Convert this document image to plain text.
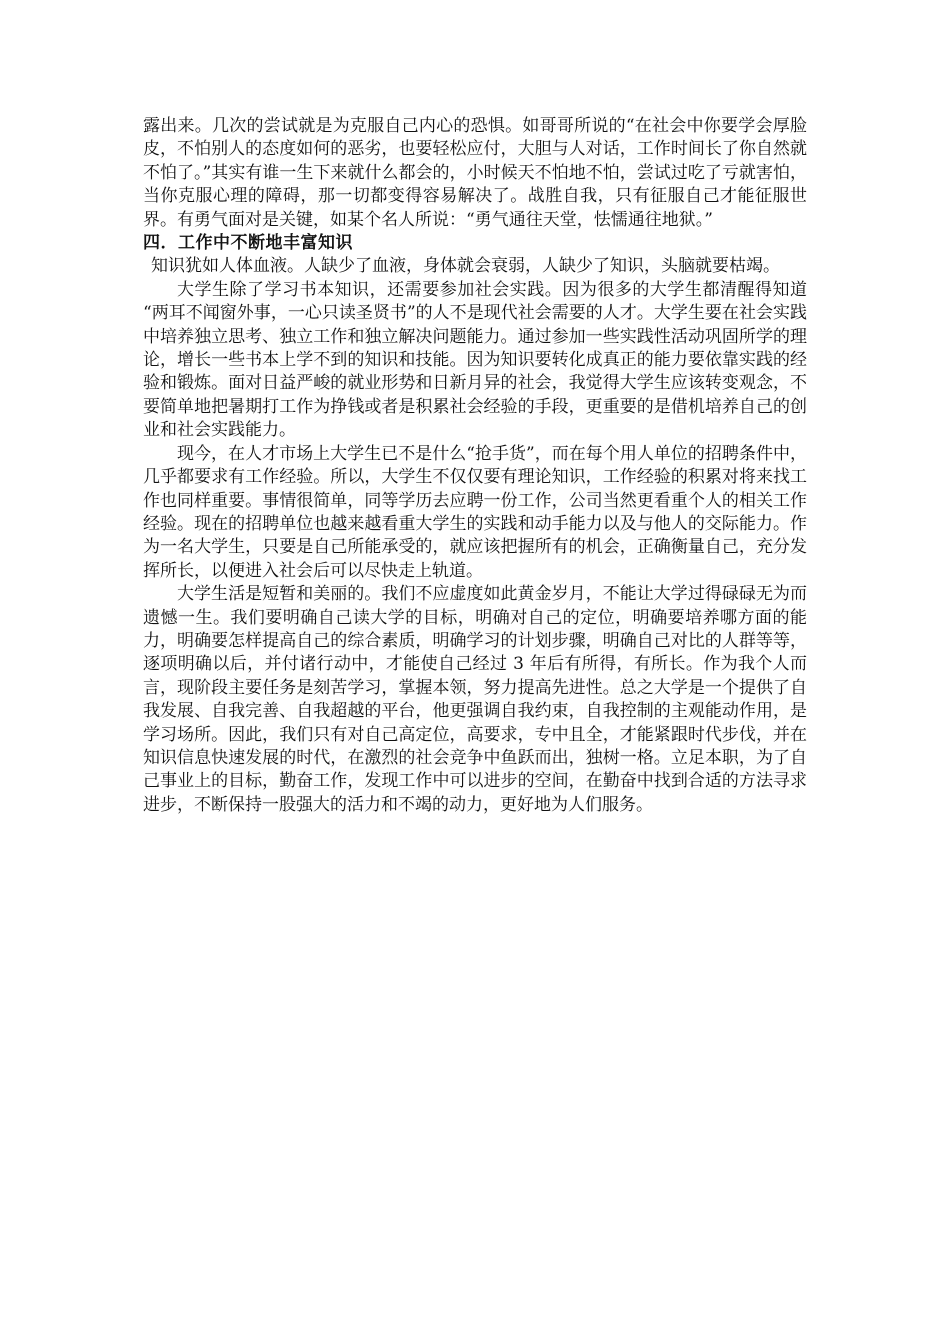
露出来。几次的尝试就是为克服自己内心的恐惧。如哥哥所说的“在社会中你要学会厚脸皮，不怕别人的态度如何的恶劣，也要轻松应付，大胆与人对话，工作时间长了你自然就不怕了。”其实有谁一生下来就什么都会的，小时候天不怕地不怕，尝试过吃了亏就害怕，当你克服心理的障碍，那一切都变得容易解决了。战胜自我，只有征服自己才能征服世界。有勇气面对是关键，如某个名人所说：“勇气通往天堂，怯懦通往地狱。”

四．工作中不断地丰富知识

知识犹如人体血液。人缺少了血液，身体就会衰弱，人缺少了知识，头脑就要枯竭。

大学生除了学习书本知识，还需要参加社会实践。因为很多的大学生都清醒得知道 “两耳不闻窗外事，一心只读圣贤书”的人不是现代社会需要的人才。大学生要在社会实践中培养独立思考、独立工作和独立解决问题能力。通过参加一些实践性活动巩固所学的理论，增长一些书本上学不到的知识和技能。因为知识要转化成真正的能力要依靠实践的经验和锻炼。面对日益严峻的就业形势和日新月异的社会，我觉得大学生应该转变观念，不要简单地把暑期打工作为挣钱或者是积累社会经验的手段，更重要的是借机培养自己的创业和社会实践能力。

现今，在人才市场上大学生已不是什么“抢手货”，而在每个用人单位的招聘条件中，几乎都要求有工作经验。所以，大学生不仅仅要有理论知识，工作经验的积累对将来找工作也同样重要。事情很简单，同等学历去应聘一份工作，公司当然更看重个人的相关工作经验。现在的招聘单位也越来越看重大学生的实践和动手能力以及与他人的交际能力。作为一名大学生，只要是自己所能承受的，就应该把握所有的机会，正确衡量自己，充分发挥所长，以便进入社会后可以尽快走上轨道。

大学生活是短暂和美丽的。我们不应虚度如此黄金岁月，不能让大学过得碌碌无为而遗憾一生。我们要明确自己读大学的目标，明确对自己的定位，明确要培养哪方面的能力，明确要怎样提高自己的综合素质，明确学习的计划步骤，明确自己对比的人群等等，逐项明确以后，并付诸行动中，才能使自己经过 3 年后有所得，有所长。作为我个人而言，现阶段主要任务是刻苦学习，掌握本领，努力提高先进性。总之大学是一个提供了自我发展、自我完善、自我超越的平台，他更强调自我约束，自我控制的主观能动作用，是学习场所。因此，我们只有对自己高定位，高要求，专中且全，才能紧跟时代步伐，并在知识信息快速发展的时代，在激烈的社会竞争中鱼跃而出，独树一格。立足本职，为了自己事业上的目标，勤奋工作，发现工作中可以进步的空间，在勤奋中找到合适的方法寻求进步，不断保持一股强大的活力和不竭的动力，更好地为人们服务。
